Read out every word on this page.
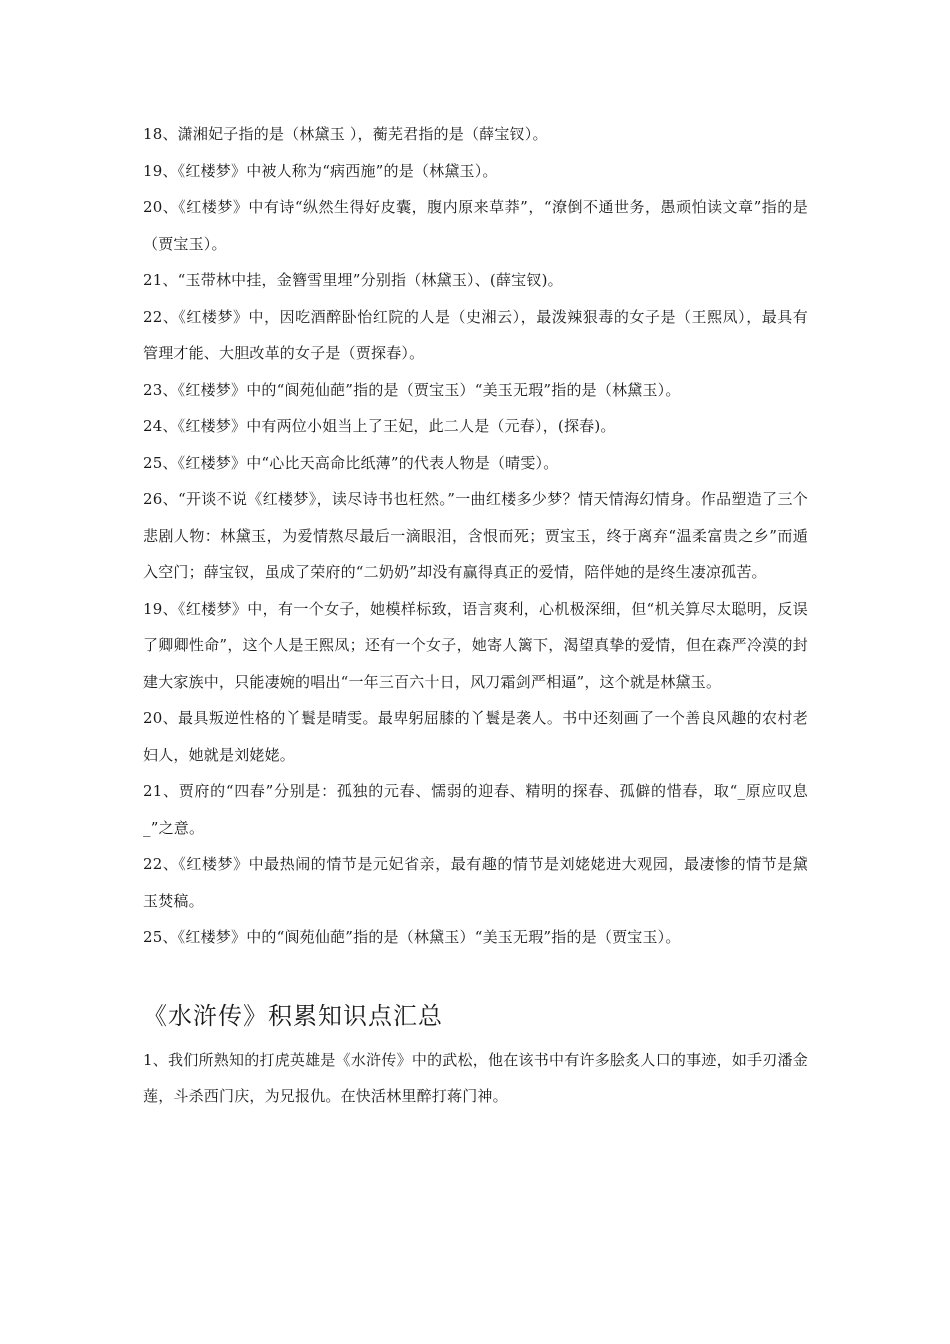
18、潇湘妃子指的是（林黛玉 ），蘅芜君指的是（薛宝钗）。

19、《红楼梦》中被人称为“病西施”的是（林黛玉）。

20、《红楼梦》中有诗“纵然生得好皮囊，腹内原来草莽”，“潦倒不通世务，愚顽怕读文章”指的是（贾宝玉）。

21、“玉带林中挂，金簪雪里埋”分别指（林黛玉）、(薛宝钗)。

22、《红楼梦》中，因吃酒醉卧怡红院的人是（史湘云），最泼辣狠毒的女子是（王熙凤），最具有管理才能、大胆改革的女子是（贾探春）。

23、《红楼梦》中的“阆苑仙葩”指的是（贾宝玉）“美玉无瑕”指的是（林黛玉）。

24、《红楼梦》中有两位小姐当上了王妃，此二人是（元春），(探春)。

25、《红楼梦》中“心比天高命比纸薄”的代表人物是（晴雯）。

26、“开谈不说《红楼梦》，读尽诗书也枉然。”一曲红楼多少梦？情天情海幻情身。作品塑造了三个悲剧人物：林黛玉，为爱情熬尽最后一滴眼泪，含恨而死；贾宝玉，终于离弃“温柔富贵之乡”而遁入空门；薛宝钗，虽成了荣府的“二奶奶”却没有赢得真正的爱情，陪伴她的是终生凄凉孤苦。

19、《红楼梦》中，有一个女子，她模样标致，语言爽利，心机极深细，但“机关算尽太聪明，反误了卿卿性命”，这个人是王熙凤；还有一个女子，她寄人篱下，渴望真挚的爱情，但在森严冷漠的封建大家族中，只能凄婉的唱出“一年三百六十日，风刀霜剑严相逼”，这个就是林黛玉。

20、最具叛逆性格的丫鬟是晴雯。最卑躬屈膝的丫鬟是袭人。书中还刻画了一个善良风趣的农村老妇人，她就是刘姥姥。

21、贾府的“四春”分别是：孤独的元春、懦弱的迎春、精明的探春、孤僻的惜春，取“_原应叹息_”之意。

22、《红楼梦》中最热闹的情节是元妃省亲，最有趣的情节是刘姥姥进大观园，最凄惨的情节是黛玉焚稿。

25、《红楼梦》中的“阆苑仙葩”指的是（林黛玉）“美玉无瑕”指的是（贾宝玉）。

《水浒传》积累知识点汇总

1、我们所熟知的打虎英雄是《水浒传》中的武松，他在该书中有许多脍炙人口的事迹，如手刃潘金莲，斗杀西门庆，为兄报仇。在快活林里醉打蒋门神。
